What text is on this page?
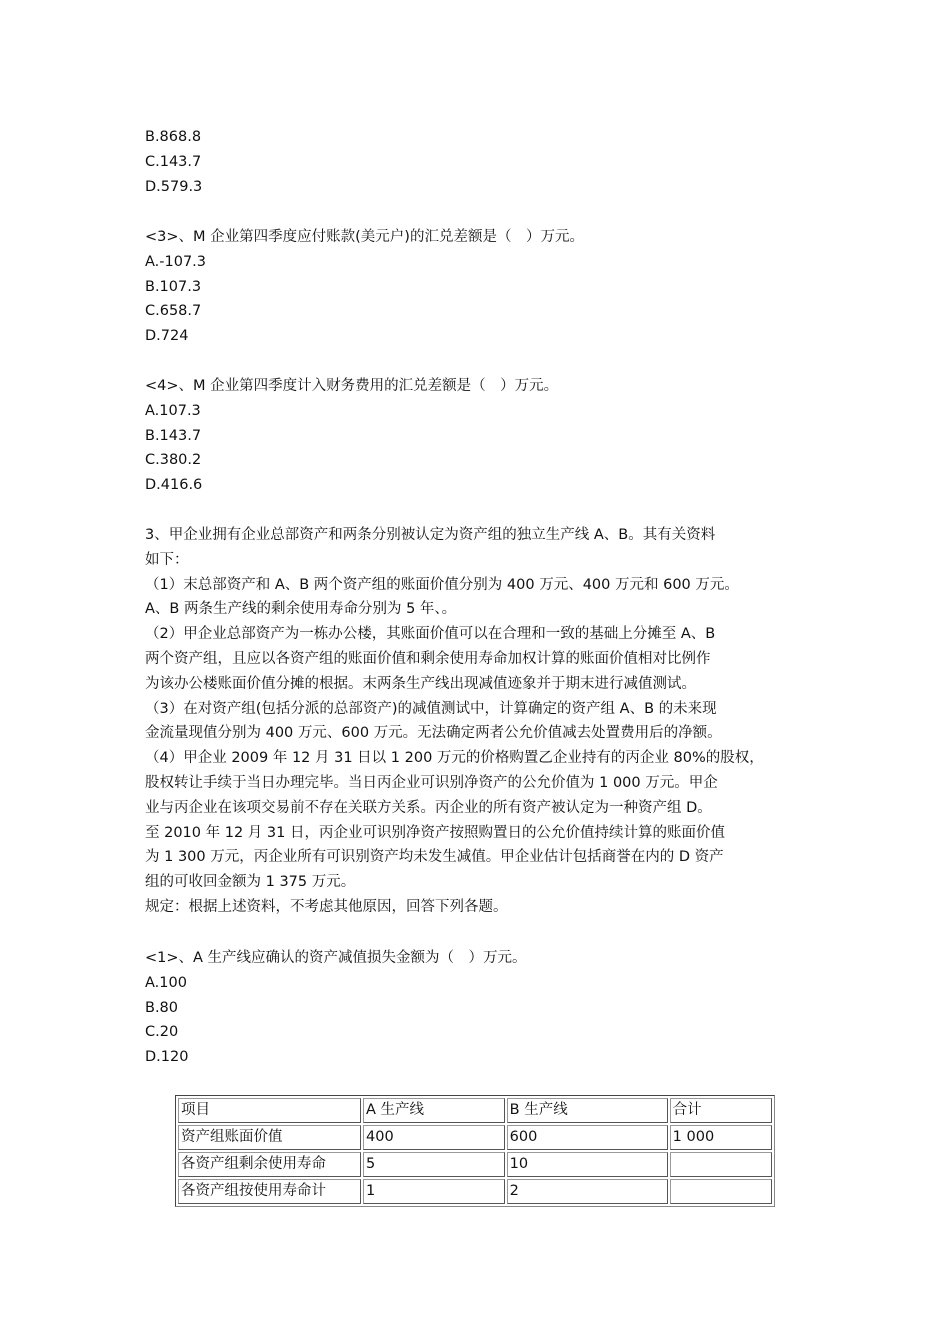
B.868.8
C.143.7
D.579.3
<3>、M 企业第四季度应付账款(美元户)的汇兑差额是（　）万元。
A.-107.3
B.107.3
C.658.7
D.724
<4>、M 企业第四季度计入财务费用的汇兑差额是（　）万元。
A.107.3
B.143.7
C.380.2
D.416.6
3、甲企业拥有企业总部资产和两条分别被认定为资产组的独立生产线 A、B。其有关资料
如下：
（1）末总部资产和 A、B 两个资产组的账面价值分别为 400 万元、400 万元和 600 万元。
A、B 两条生产线的剩余使用寿命分别为 5 年、。
（2）甲企业总部资产为一栋办公楼，其账面价值可以在合理和一致的基础上分摊至 A、B
两个资产组，且应以各资产组的账面价值和剩余使用寿命加权计算的账面价值相对比例作
为该办公楼账面价值分摊的根据。末两条生产线出现减值迹象并于期末进行减值测试。
（3）在对资产组(包括分派的总部资产)的减值测试中，计算确定的资产组 A、B 的未来现
金流量现值分别为 400 万元、600 万元。无法确定两者公允价值减去处置费用后的净额。
（4）甲企业 2009 年 12 月 31 日以 1 200 万元的价格购置乙企业持有的丙企业 80%的股权，
股权转让手续于当日办理完毕。当日丙企业可识别净资产的公允价值为 1 000 万元。甲企
业与丙企业在该项交易前不存在关联方关系。丙企业的所有资产被认定为一种资产组 D。
至 2010 年 12 月 31 日，丙企业可识别净资产按照购置日的公允价值持续计算的账面价值
为 1 300 万元，丙企业所有可识别资产均未发生减值。甲企业估计包括商誉在内的 D 资产
组的可收回金额为 1 375 万元。
规定：根据上述资料，不考虑其他原因，回答下列各题。
<1>、A 生产线应确认的资产减值损失金额为（　）万元。
A.100
B.80
C.20
D.120
项目	A 生产线	B 生产线	合计
资产组账面价值	400	600	1 000
各资产组剩余使用寿命	5	10	
各资产组按使用寿命计	1	2	
